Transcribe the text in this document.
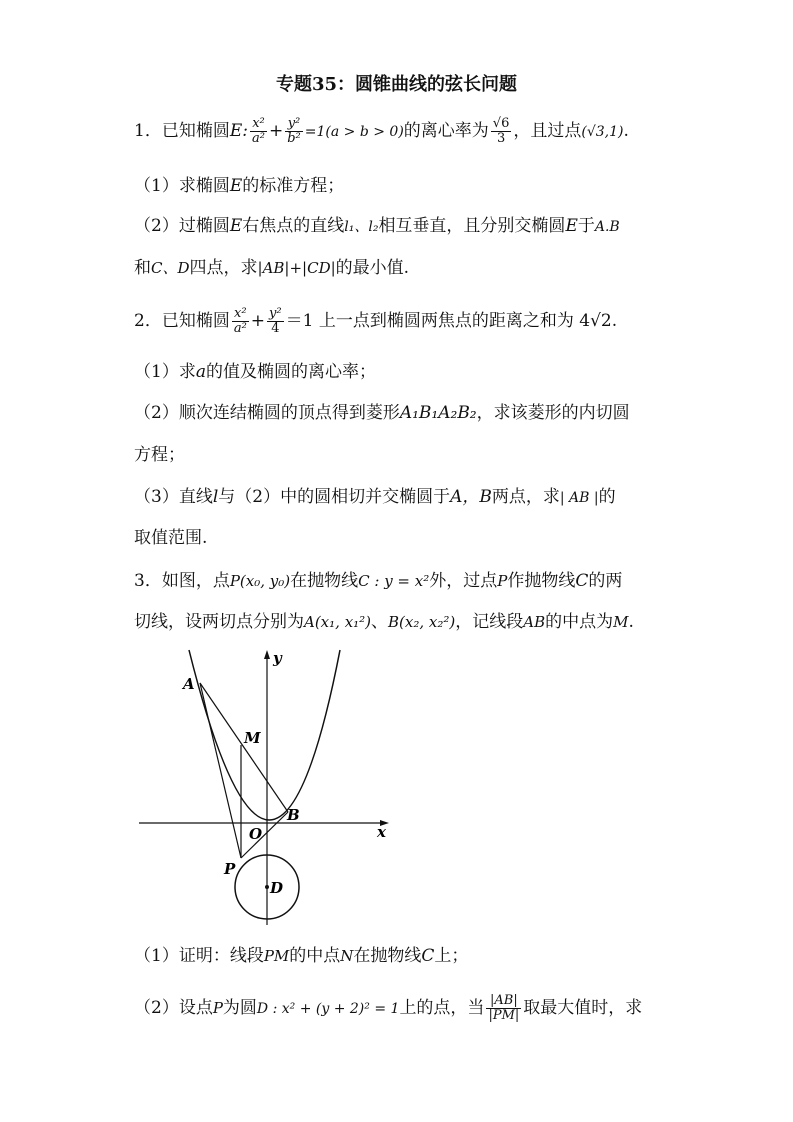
专题35：圆锥曲线的弦长问题
1．已知椭圆E: $\frac{\text{x²}}{\text{a²}} + \frac{\text{y²}}{\text{b²}} =1(a > b > 0)$的离心率为 $\frac{√6}{3}$ ，且过点(√3,1).
（1）求椭圆E的标准方程；
（2）过椭圆E右焦点的直线l₁、l₂相互垂直，且分别交椭圆E于A.B
和C、D四点，求|AB|+|CD|的最小值.
2．已知椭圆 $\frac{\text{x²}}{\text{a²}} + \frac{\text{y²}}{4} =1$ 上一点到椭圆两焦点的距离之和为 4√2.
（1）求a的值及椭圆的离心率；
（2）顺次连结椭圆的顶点得到菱形A₁B₁A₂B₂，求该菱形的内切圆
方程；
（3）直线l与（2）中的圆相切并交椭圆于A，B两点，求| AB |的
取值范围.
3．如图，点P(x₀, y₀)在抛物线C : y = x²外，过点P作抛物线C的两
切线，设两切点分别为A(x₁, x₁²)、B(x₂, x₂²)，记线段AB的中点为M.
y
x
A
M
B
O
P
D
（1）证明：线段PM的中点N在抛物线C上；
（2）设点P为圆D : x² + (y + 2)² = 1上的点，当 $\frac{|AB|}{|PM|}$ 取最大值时，求
